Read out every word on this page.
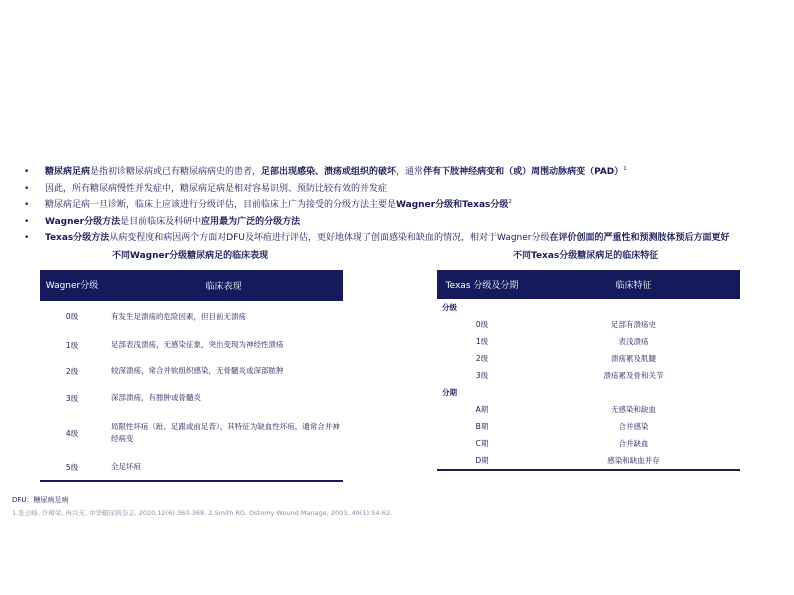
• 糖尿病足病是指初诊糖尿病或已有糖尿病病史的患者，足部出现感染、溃疡或组织的破坏，通常伴有下肢神经病变和（或）周围动脉病变（PAD）$^1$
• 因此，所有糖尿病慢性并发症中，糖尿病足病是相对容易识别、预防比较有效的并发症
• 糖尿病足病一旦诊断，临床上应该进行分级评估，目前临床上广为接受的分级方法主要是Wagner分级和Texas分级$^2$
• Wagner分级方法是目前临床及科研中应用最为广泛的分级方法
• Texas分级方法从病变程度和病因两个方面对DFU及坏疽进行评估，更好地体现了创面感染和缺血的情况，相对于Wagner分级在评价创面的严重性和预测肢体预后方面更好
不同Wagner分级糖尿病足的临床表现
Wagner分级	临床表现
0级	有发生足溃疡的危险因素，但目前无溃疡
1级	足部表浅溃疡，无感染征象，突出变现为神经性溃疡
2级	较深溃疡，常合并软组织感染，无骨髓炎或深部脓肿
3级	深部溃疡，有脓肿或骨髓炎
4级	局限性坏疽（趾、足跟或前足背），其特征为缺血性坏疽，通常合并神经病变
5级	全足坏疽
不同Texas分级糖尿病足的临床特征
Texas 分级及分期	临床特征
分级	
0级	足部有溃疡史
1级	表浅溃疡
2级	溃疡累及肌腱
3级	溃疡累及骨和关节
分期	
A期	无感染和缺血
B期	合并感染
C期	合并缺血
D期	感染和缺血并存
DFU：糖尿病足病
1.张会峰, 许樟荣, 冉兴无. 中华糖尿病杂志, 2020,12(6):363-368. 2.Smith RG. Ostomy Wound Manage, 2003, 49(1):54-62.
